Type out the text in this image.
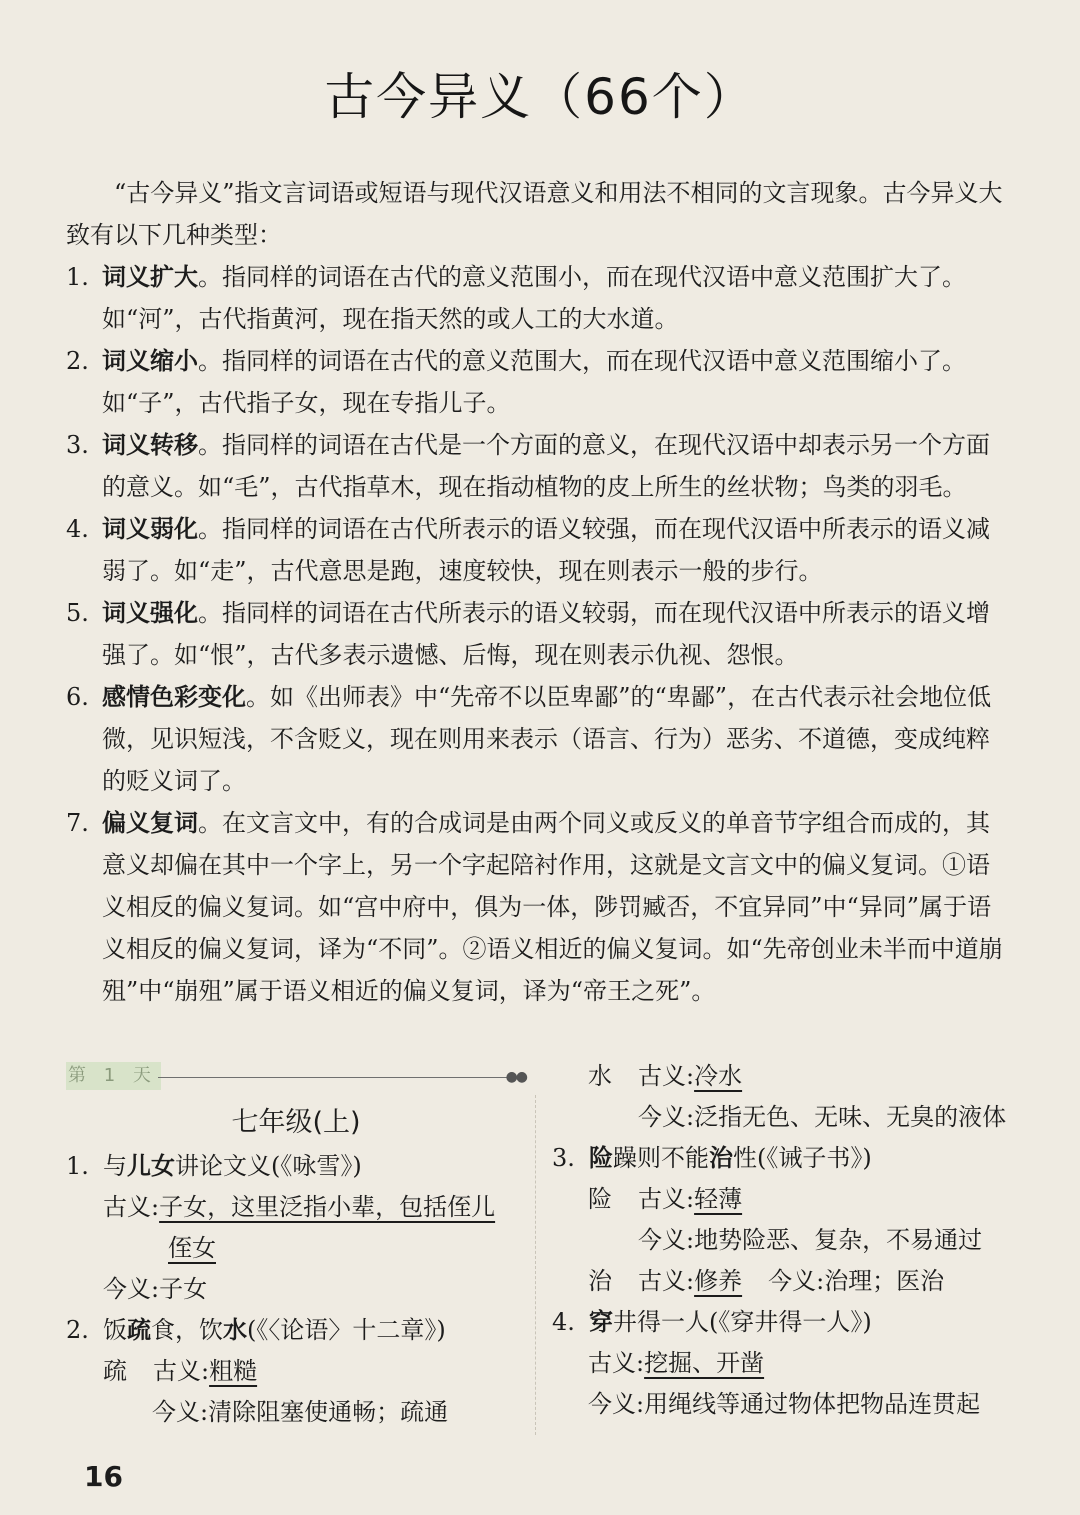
古今异义（66个）

“古今异义”指文言词语或短语与现代汉语意义和用法不相同的文言现象。古今异义大致有以下几种类型：

1. 词义扩大。指同样的词语在古代的意义范围小，而在现代汉语中意义范围扩大了。如“河”，古代指黄河，现在指天然的或人工的大水道。
2. 词义缩小。指同样的词语在古代的意义范围大，而在现代汉语中意义范围缩小了。如“子”，古代指子女，现在专指儿子。
3. 词义转移。指同样的词语在古代是一个方面的意义，在现代汉语中却表示另一个方面的意义。如“毛”，古代指草木，现在指动植物的皮上所生的丝状物；鸟类的羽毛。
4. 词义弱化。指同样的词语在古代所表示的语义较强，而在现代汉语中所表示的语义减弱了。如“走”，古代意思是跑，速度较快，现在则表示一般的步行。
5. 词义强化。指同样的词语在古代所表示的语义较弱，而在现代汉语中所表示的语义增强了。如“恨”，古代多表示遗憾、后悔，现在则表示仇视、怨恨。
6. 感情色彩变化。如《出师表》中“先帝不以臣卑鄙”的“卑鄙”，在古代表示社会地位低微，见识短浅，不含贬义，现在则用来表示（语言、行为）恶劣、不道德，变成纯粹的贬义词了。
7. 偏义复词。在文言文中，有的合成词是由两个同义或反义的单音节字组合而成的，其意义却偏在其中一个字上，另一个字起陪衬作用，这就是文言文中的偏义复词。①语义相反的偏义复词。如“宫中府中，俱为一体，陟罚臧否，不宜异同”中“异同”属于语义相反的偏义复词，译为“不同”。②语义相近的偏义复词。如“先帝创业未半而中道崩殂”中“崩殂”属于语义相近的偏义复词，译为“帝王之死”。
第 1 天	●●
七年级(上)
1. 与儿女讲论文义(《咏雪》)
古义:子女，这里泛指小辈，包括侄儿
侄女
今义:子女
2. 饭疏食，饮水(《〈论语〉十二章》)
疏 古义:粗糙
今义:清除阻塞使通畅；疏通
水 古义:冷水
今义:泛指无色、无味、无臭的液体
3. 险躁则不能治性(《诫子书》)
险 古义:轻薄
今义:地势险恶、复杂，不易通过
治 古义:修养 今义:治理；医治
4. 穿井得一人(《穿井得一人》)
古义:挖掘、开凿
今义:用绳线等通过物体把物品连贯起
16
